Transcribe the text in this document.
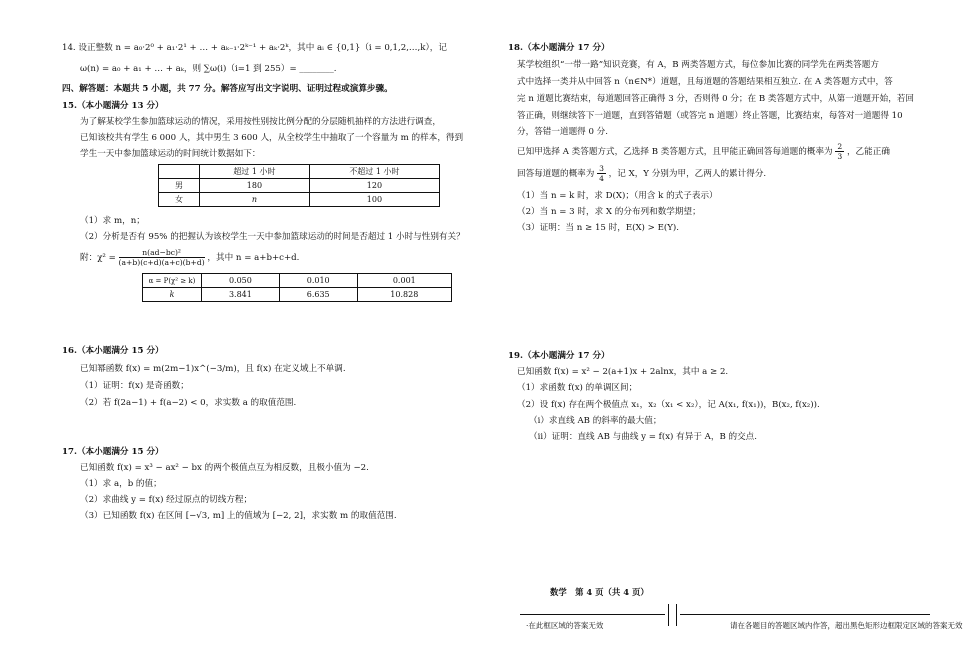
14. 设正整数 n = a₀·2⁰ + a₁·2¹ + … + aₖ₋₁·2ᵏ⁻¹ + aₖ·2ᵏ，其中 aᵢ ∈ {0,1}（i = 0,1,2,…,k），记
ω(n) = a₀ + a₁ + … + aₖ，则 ∑ω(i)（i=1 到 255）= ________.
四、解答题：本题共 5 小题，共 77 分。解答应写出文字说明、证明过程或演算步骤。
15.（本小题满分 13 分）
为了解某校学生参加篮球运动的情况，采用按性别按比例分配的分层随机抽样的方法进行调查，
已知该校共有学生 6 000 人，其中男生 3 600 人，从全校学生中抽取了一个容量为 m 的样本，得到
学生一天中参加篮球运动的时间统计数据如下：
	超过 1 小时	不超过 1 小时
男	180	120
女	n	100
（1）求 m，n；
（2）分析是否有 95% 的把握认为该校学生一天中参加篮球运动的时间是否超过 1 小时与性别有关？
附：$\chi^2 = \frac{\text{n(ad−bc)²}}{(a+b)(c+d)(a+c)(b+d)}$ ，其中 n = a+b+c+d.
α = P(χ² ≥ k)	0.050	0.010	0.001
k	3.841	6.635	10.828
16.（本小题满分 15 分）
已知幂函数 f(x) = m(2m−1)x^(−3/m)，且 f(x) 在定义域上不单调.
（1）证明：f(x) 是奇函数；
（2）若 f(2a−1) + f(a−2) < 0，求实数 a 的取值范围.
17.（本小题满分 15 分）
已知函数 f(x) = x³ − ax² − bx 的两个极值点互为相反数，且极小值为 −2.
（1）求 a，b 的值；
（2）求曲线 y = f(x) 经过原点的切线方程；
（3）已知函数 f(x) 在区间 [−√3, m] 上的值域为 [−2, 2]，求实数 m 的取值范围.
·在此框区域的答案无效
18.（本小题满分 17 分）
某学校组织“一带一路”知识竞赛，有 A，B 两类答题方式，每位参加比赛的同学先在两类答题方
式中选择一类并从中回答 n（n∈N*）道题，且每道题的答题结果相互独立. 在 A 类答题方式中，答
完 n 道题比赛结束，每道题回答正确得 3 分，否则得 0 分；在 B 类答题方式中，从第一道题开始，若回
答正确，则继续答下一道题，直到答错题（或答完 n 道题）终止答题，比赛结束，每答对一道题得 10
分，答错一道题得 0 分.
已知甲选择 A 类答题方式，乙选择 B 类答题方式，且甲能正确回答每道题的概率为 $\frac{2}{3}$ ，乙能正确
回答每道题的概率为 $\frac{3}{4}$ ，记 X，Y 分别为甲，乙两人的累计得分.
（1）当 n = k 时，求 D(X)；（用含 k 的式子表示）
（2）当 n = 3 时，求 X 的分布列和数学期望；
（3）证明：当 n ≥ 15 时，E(X) > E(Y).
19.（本小题满分 17 分）
已知函数 f(x) = x² − 2(a+1)x + 2alnx，其中 a ≥ 2.
（1）求函数 f(x) 的单调区间；
（2）设 f(x) 存在两个极值点 x₁，x₂（x₁ < x₂），记 A(x₁, f(x₁))，B(x₂, f(x₂)).
（i）求直线 AB 的斜率的最大值；
（ii）证明：直线 AB 与曲线 y = f(x) 有异于 A，B 的交点.
数学　第 4 页（共 4 页）
请在各题目的答题区域内作答，超出黑色矩形边框限定区域的答案无效
